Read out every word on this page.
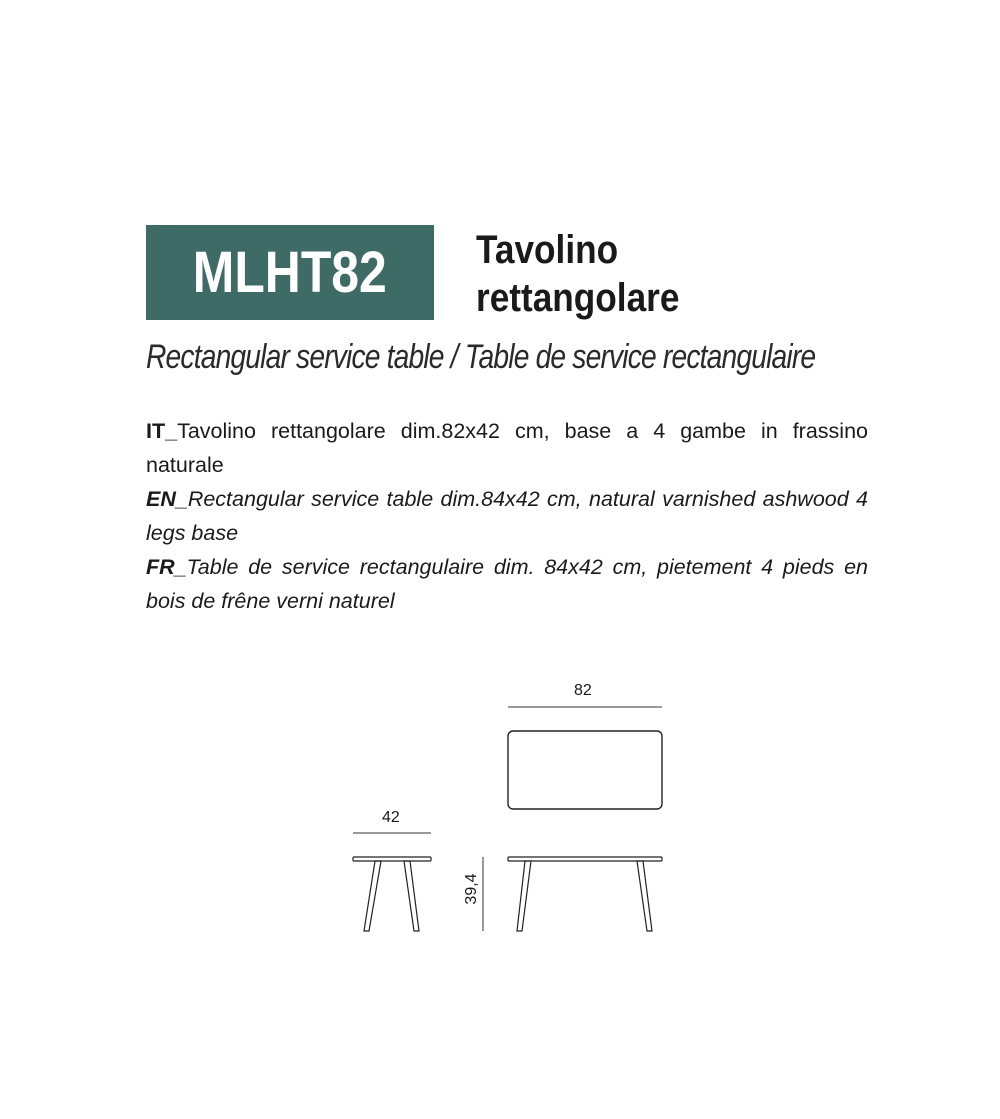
MLHT82 Tavolino
rettangolare
Rectangular service table / Table de service rectangulaire

IT_Tavolino rettangolare dim.82x42 cm, base a 4 gambe in frassino naturale

EN_Rectangular service table dim.84x42 cm, natural varnished ashwood 4 legs base

FR_Table de service rectangulaire dim. 84x42 cm, pietement 4 pieds en bois de frêne verni naturel

82
42
39,4
